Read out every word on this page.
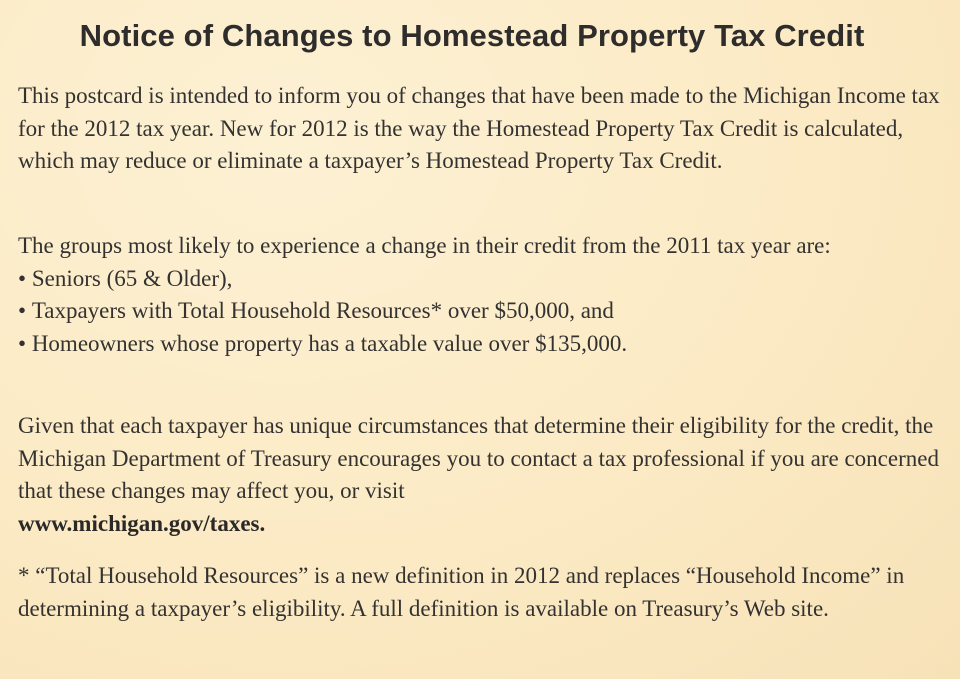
Notice of Changes to Homestead Property Tax Credit

This postcard is intended to inform you of changes that have been made to the Michigan Income tax for the 2012 tax year. New for 2012 is the way the Homestead Property Tax Credit is calculated, which may reduce or eliminate a taxpayer’s Homestead Property Tax Credit.

The groups most likely to experience a change in their credit from the 2011 tax year are:
• Seniors (65 & Older),
• Taxpayers with Total Household Resources* over $50,000, and
• Homeowners whose property has a taxable value over $135,000.

Given that each taxpayer has unique circumstances that determine their eligibility for the credit, the Michigan Department of Treasury encourages you to contact a tax professional if you are concerned that these changes may affect you, or visit
www.michigan.gov/taxes.

* “Total Household Resources” is a new definition in 2012 and replaces “Household Income” in determining a taxpayer’s eligibility. A full definition is available on Treasury’s Web site.
